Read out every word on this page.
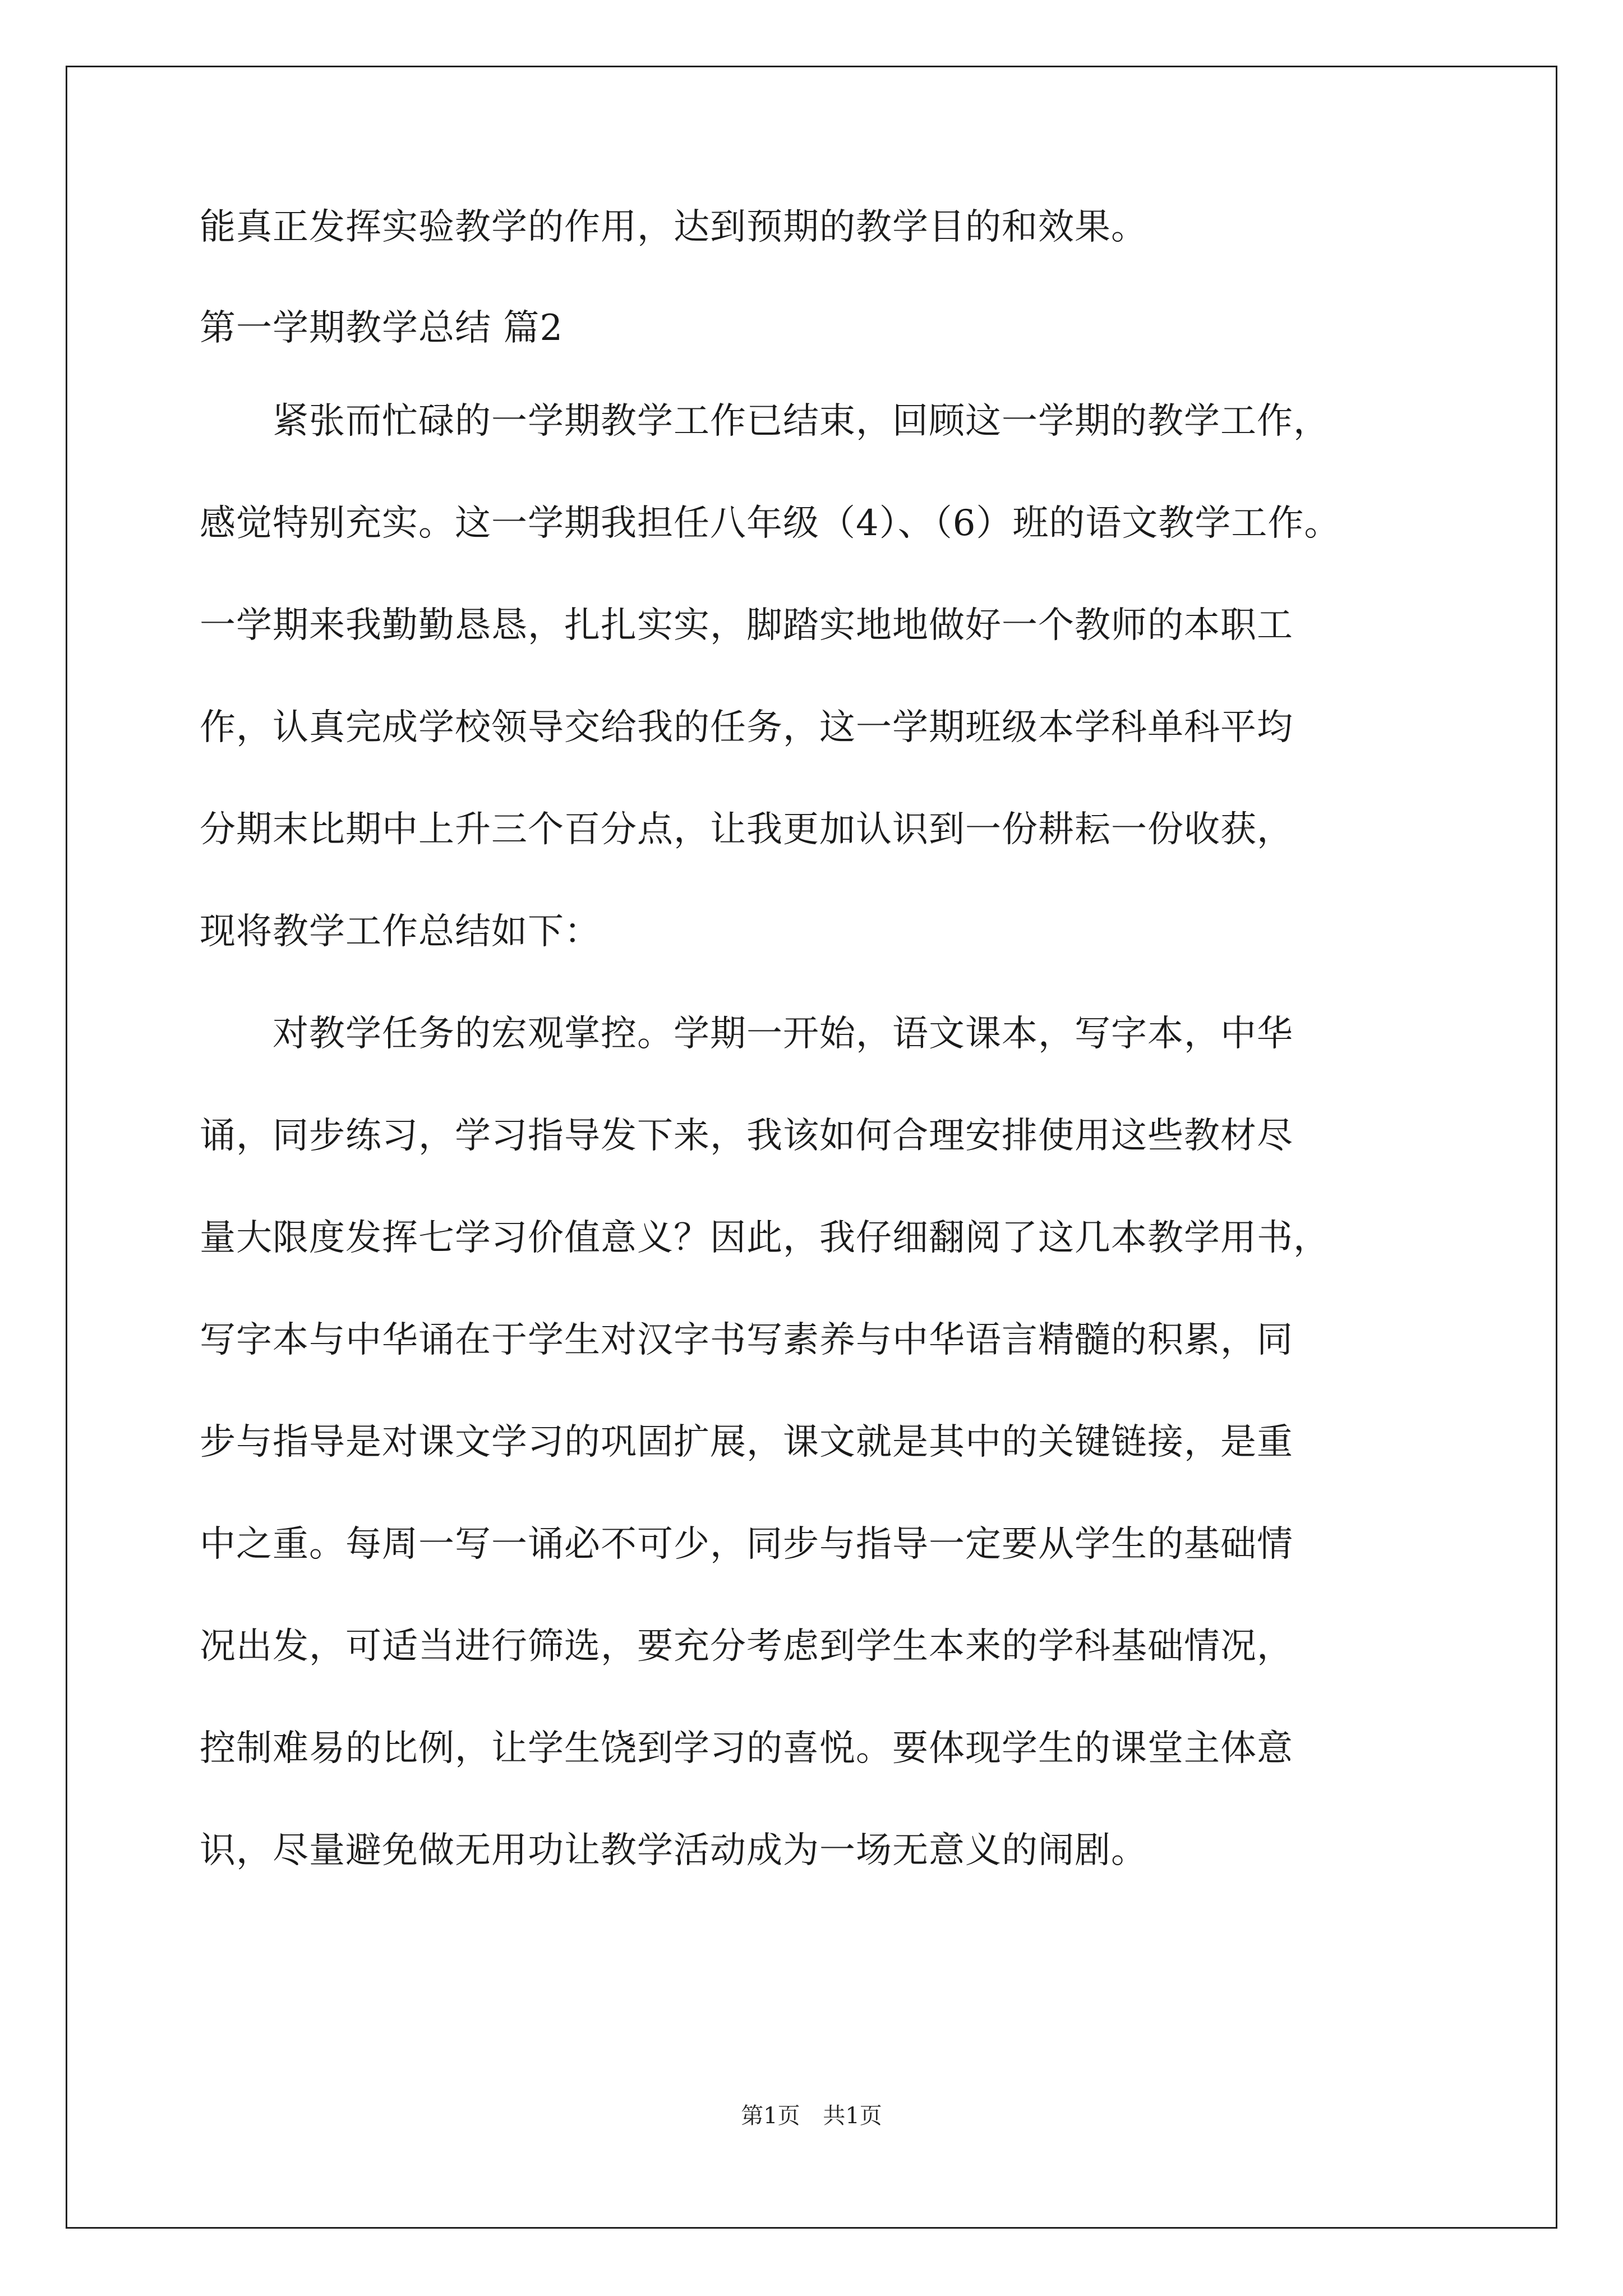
能真正发挥实验教学的作用，达到预期的教学目的和效果。
第一学期教学总结 篇2
　　紧张而忙碌的一学期教学工作已结束，回顾这一学期的教学工作，
感觉特别充实。这一学期我担任八年级（4）、（6）班的语文教学工作。
一学期来我勤勤恳恳，扎扎实实，脚踏实地地做好一个教师的本职工
作，认真完成学校领导交给我的任务，这一学期班级本学科单科平均
分期末比期中上升三个百分点，让我更加认识到一份耕耘一份收获，
现将教学工作总结如下：
　　对教学任务的宏观掌控。学期一开始，语文课本，写字本，中华
诵，同步练习，学习指导发下来，我该如何合理安排使用这些教材尽
量大限度发挥七学习价值意义？因此，我仔细翻阅了这几本教学用书，
写字本与中华诵在于学生对汉字书写素养与中华语言精髓的积累，同
步与指导是对课文学习的巩固扩展，课文就是其中的关键链接，是重
中之重。每周一写一诵必不可少，同步与指导一定要从学生的基础情
况出发，可适当进行筛选，要充分考虑到学生本来的学科基础情况，
控制难易的比例，让学生饶到学习的喜悦。要体现学生的课堂主体意
识，尽量避免做无用功让教学活动成为一场无意义的闹剧。
第1页 共1页
